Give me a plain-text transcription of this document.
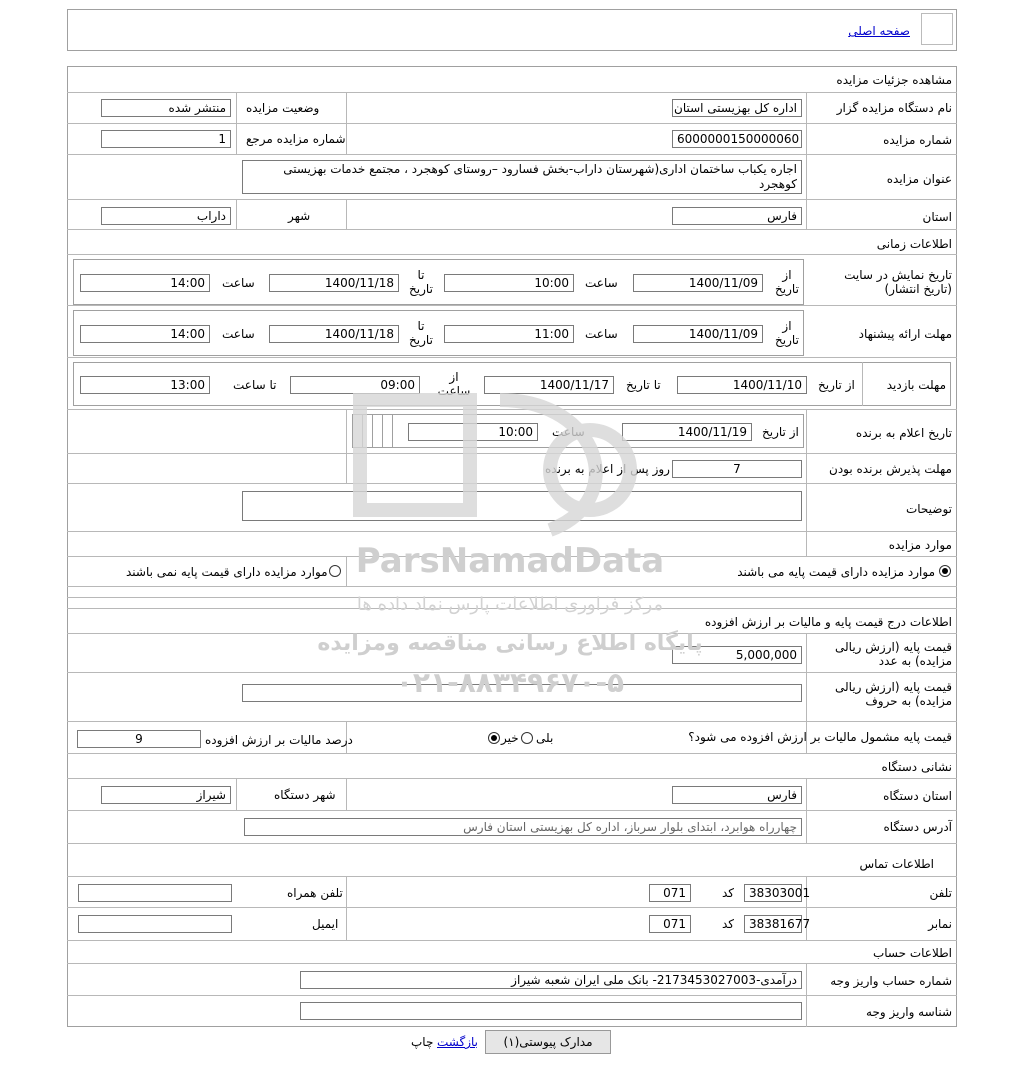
صفحه اصلی
مشاهده جزئیات مزایده
نام دستگاه مزایده گزار
اداره کل بهزیستی استان
وضعیت مزایده
منتشر شده
شماره مزایده
6000000150000060
شماره مزایده مرجع
1
عنوان مزایده
اجاره یکباب ساختمان اداری(شهرستان داراب-بخش فسارود –روستای کوهجرد ، مجتمع خدمات بهزیستی کوهجرد
استان
فارس
شهر
داراب
اطلاعات زمانی
تاریخ نمایش در سایت (تاریخ انتشار)
از تاریخ
1400/11/09
ساعت
10:00
تا تاریخ
1400/11/18
ساعت
14:00
مهلت ارائه پیشنهاد
از تاریخ
1400/11/09
ساعت
11:00
تا تاریخ
1400/11/18
ساعت
14:00
مهلت بازدید
از تاریخ
1400/11/10
تا تاریخ
1400/11/17
از ساعت
09:00
تا ساعت
13:00
تاریخ اعلام به برنده
از تاریخ
1400/11/19
ساعت
10:00
مهلت پذیرش برنده بودن
7
روز پس از اعلام به برنده
توضیحات
موارد مزایده
موارد مزایده دارای قیمت پایه می باشند
موارد مزایده دارای قیمت پایه نمی باشند
اطلاعات درج قیمت پایه و مالیات بر ارزش افزوده
قیمت پایه (ارزش ریالی مزایده) به عدد
5,000,000
قیمت پایه (ارزش ریالی مزایده) به حروف
قیمت پایه مشمول مالیات بر ارزش افزوده می شود؟
بلی
خیر
درصد مالیات بر ارزش افزوده
9
نشانی دستگاه
استان دستگاه
فارس
شهر دستگاه
شیراز
آدرس دستگاه
چهارراه هوابرد، ابتدای بلوار سرباز، اداره کل بهزیستی استان فارس
اطلاعات تماس
تلفن
38303001
کد
071
تلفن همراه
نمابر
38381677
کد
071
ایمیل
اطلاعات حساب
شماره حساب واریز وجه
درآمدی-2173453027003- بانک ملی ایران شعبه شیراز
شناسه واریز وجه
ParsNamadData
مرکز فراوری اطلاعات پارس نماد داده ها
پایگاه اطلاع رسانی مناقصه ومزایده
۰۲۱-۸۸۳۴۹۶۷۰-۵
مدارک پیوستی(۱)
بازگشت
چاپ
